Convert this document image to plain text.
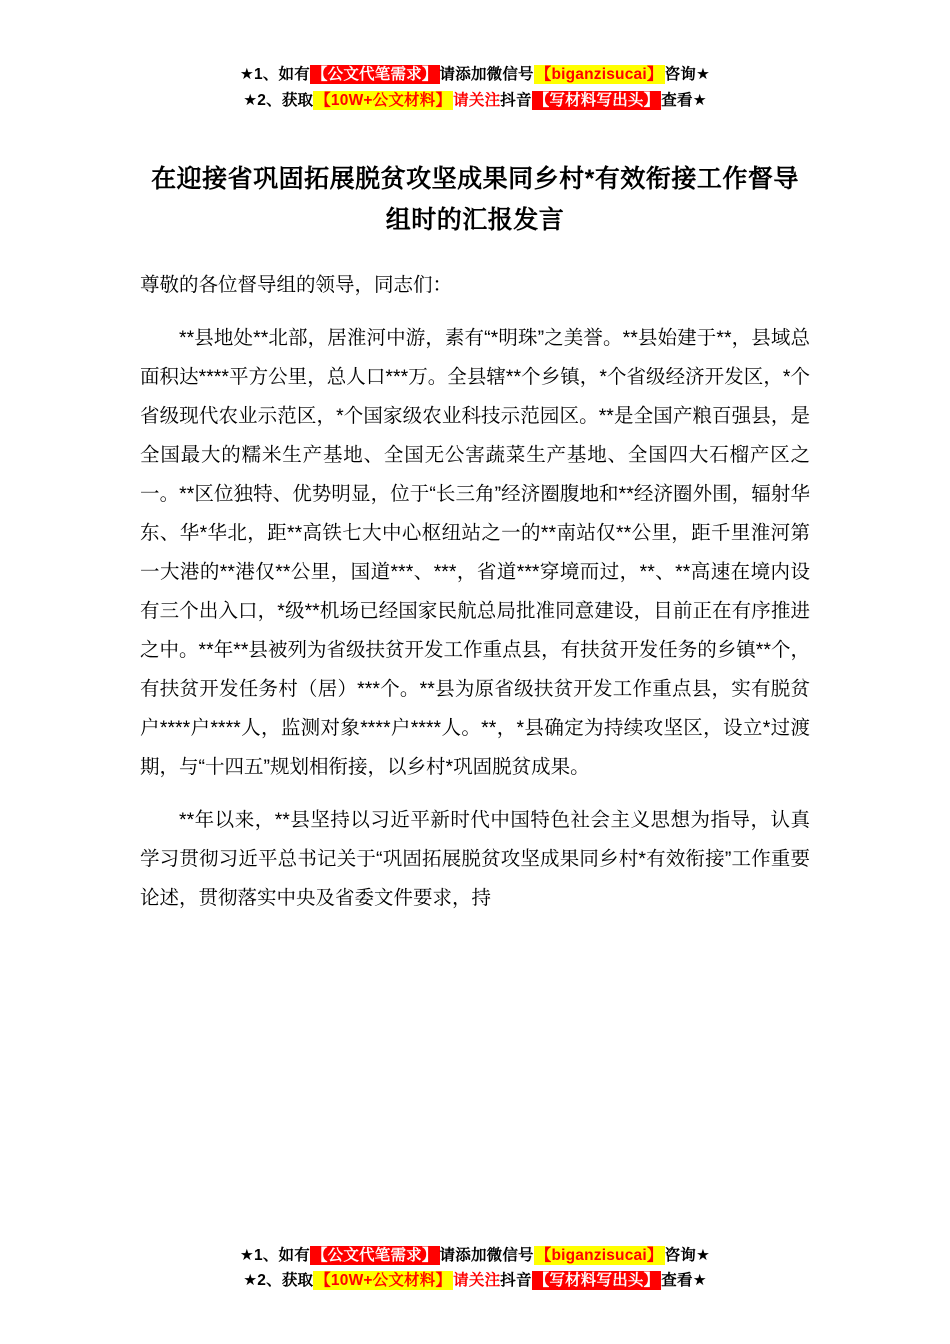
★1、如有 【公文代笔需求】 请添加微信号 【biganzisucai】 咨询★
★2、获取 【10W+公文材料】 请关注抖音 【写材料写出头】 查看★
在迎接省巩固拓展脱贫攻坚成果同乡村*有效衔接工作督导组时的汇报发言

尊敬的各位督导组的领导，同志们：

**县地处**北部，居淮河中游，素有“*明珠”之美誉。**县始建于**，县域总面积达****平方公里，总人口***万。全县辖**个乡镇，*个省级经济开发区，*个省级现代农业示范区，*个国家级农业科技示范园区。**是全国产粮百强县，是全国最大的糯米生产基地、全国无公害蔬菜生产基地、全国四大石榴产区之一。**区位独特、优势明显，位于“长三角”经济圈腹地和**经济圈外围，辐射华东、华*华北，距**高铁七大中心枢纽站之一的**南站仅**公里，距千里淮河第一大港的**港仅**公里，国道***、***，省道***穿境而过，**、**高速在境内设有三个出入口，*级**机场已经国家民航总局批准同意建设，目前正在有序推进之中。**年**县被列为省级扶贫开发工作重点县，有扶贫开发任务的乡镇**个，有扶贫开发任务村（居）***个。**县为原省级扶贫开发工作重点县，实有脱贫户****户****人，监测对象****户****人。**，*县确定为持续攻坚区，设立*过渡期，与“十四五”规划相衔接，以乡村*巩固脱贫成果。

**年以来，**县坚持以习近平新时代中国特色社会主义思想为指导，认真学习贯彻习近平总书记关于“巩固拓展脱贫攻坚成果同乡村*有效衔接”工作重要论述，贯彻落实中央及省委文件要求，持

★1、如有 【公文代笔需求】 请添加微信号 【biganzisucai】 咨询★
★2、获取 【10W+公文材料】 请关注抖音 【写材料写出头】 查看★
